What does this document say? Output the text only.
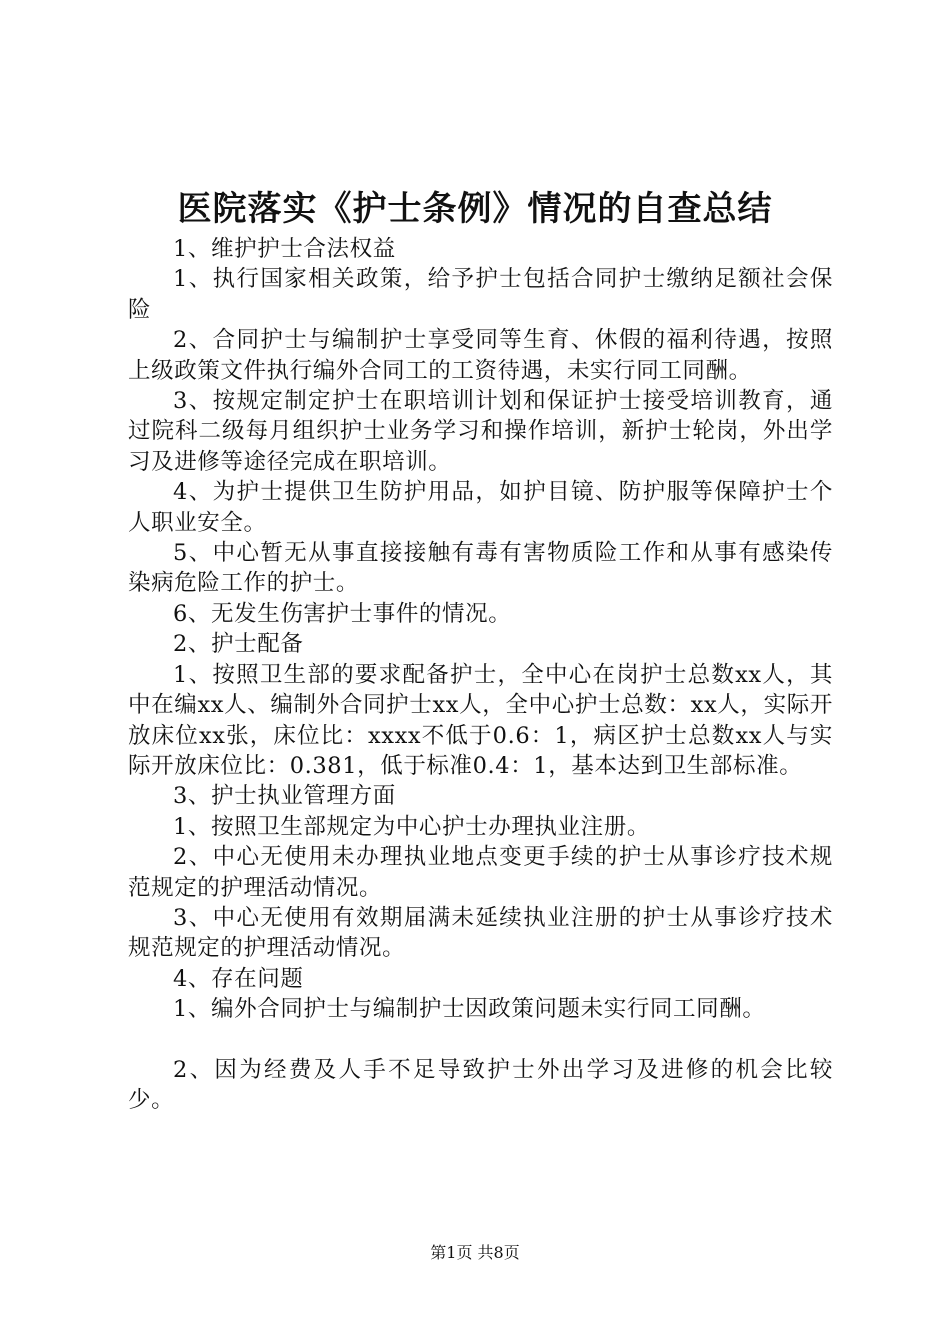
医院落实《护士条例》情况的自查总结

1、维护护士合法权益

1、执行国家相关政策，给予护士包括合同护士缴纳足额社会保险

2、合同护士与编制护士享受同等生育、休假的福利待遇，按照上级政策文件执行编外合同工的工资待遇，未实行同工同酬。

3、按规定制定护士在职培训计划和保证护士接受培训教育，通过院科二级每月组织护士业务学习和操作培训，新护士轮岗，外出学习及进修等途径完成在职培训。

4、为护士提供卫生防护用品，如护目镜、防护服等保障护士个人职业安全。

5、中心暂无从事直接接触有毒有害物质险工作和从事有感染传染病危险工作的护士。

6、无发生伤害护士事件的情况。

2、护士配备

1、按照卫生部的要求配备护士，全中心在岗护士总数xx人，其中在编xx人、编制外合同护士xx人，全中心护士总数：xx人，实际开放床位xx张，床位比：xxxx不低于0.6：1，病区护士总数xx人与实际开放床位比：0.381，低于标准0.4：1，基本达到卫生部标准。

3、护士执业管理方面

1、按照卫生部规定为中心护士办理执业注册。

2、中心无使用未办理执业地点变更手续的护士从事诊疗技术规范规定的护理活动情况。

3、中心无使用有效期届满未延续执业注册的护士从事诊疗技术规范规定的护理活动情况。

4、存在问题

1、编外合同护士与编制护士因政策问题未实行同工同酬。

2、因为经费及人手不足导致护士外出学习及进修的机会比较少。

第1页 共8页
